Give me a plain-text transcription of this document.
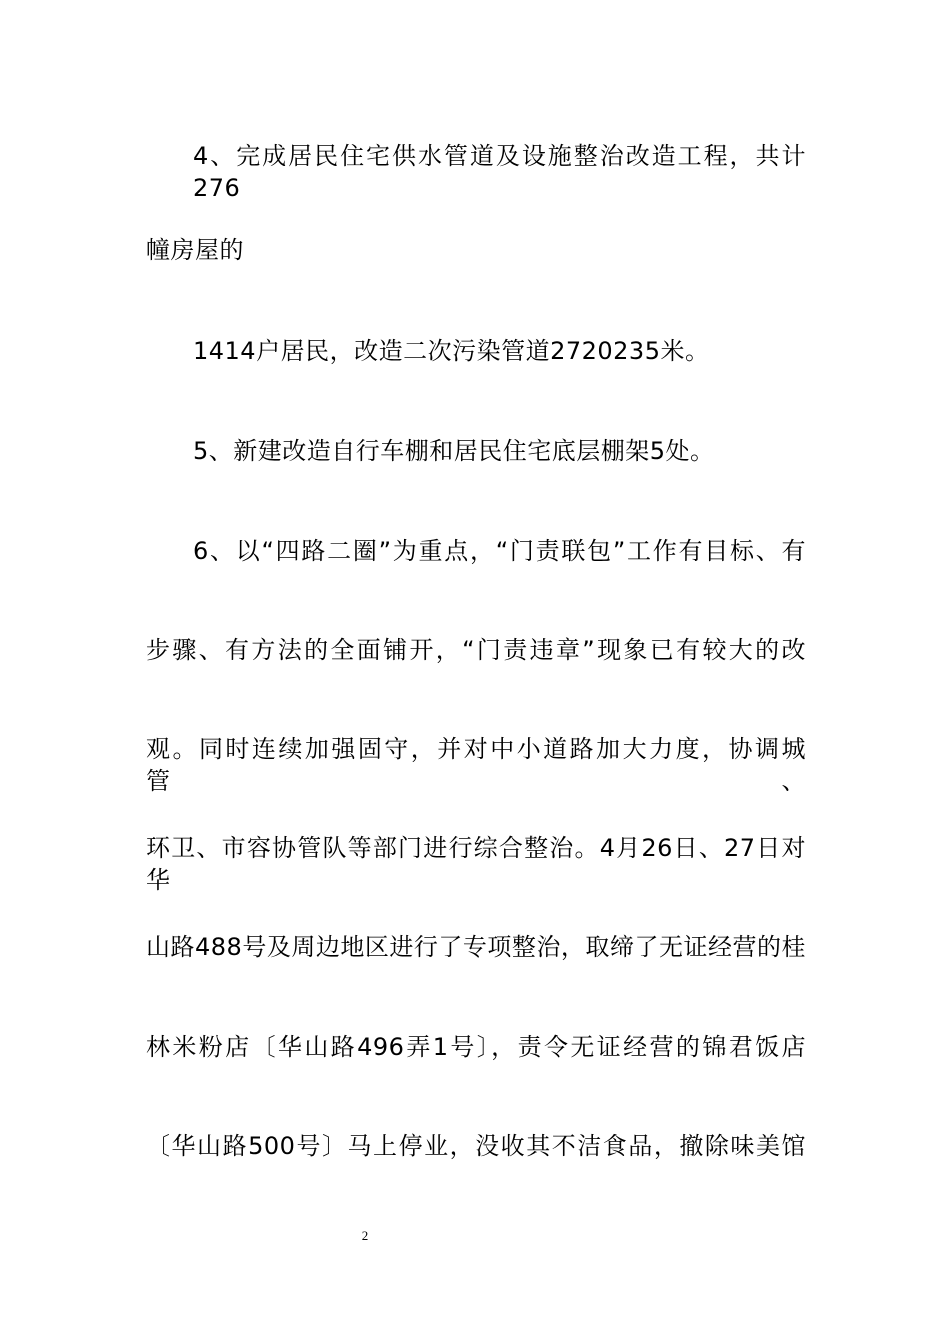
4、完成居民住宅供水管道及设施整治改造工程，共计276
幢房屋的
1414户居民，改造二次污染管道2720235米。
5、新建改造自行车棚和居民住宅底层棚架5处。
6、以“四路二圈”为重点，“门责联包”工作有目标、有
步骤、有方法的全面铺开，“门责违章”现象已有较大的改
观。同时连续加强固守，并对中小道路加大力度，协调城管、
环卫、市容协管队等部门进行综合整治。4月26日、27日对华
山路488号及周边地区进行了专项整治，取缔了无证经营的桂
林米粉店〔华山路496弄1号〕，责令无证经营的锦君饭店
〔华山路500号〕马上停业，没收其不洁食品，撤除味美馆
2
